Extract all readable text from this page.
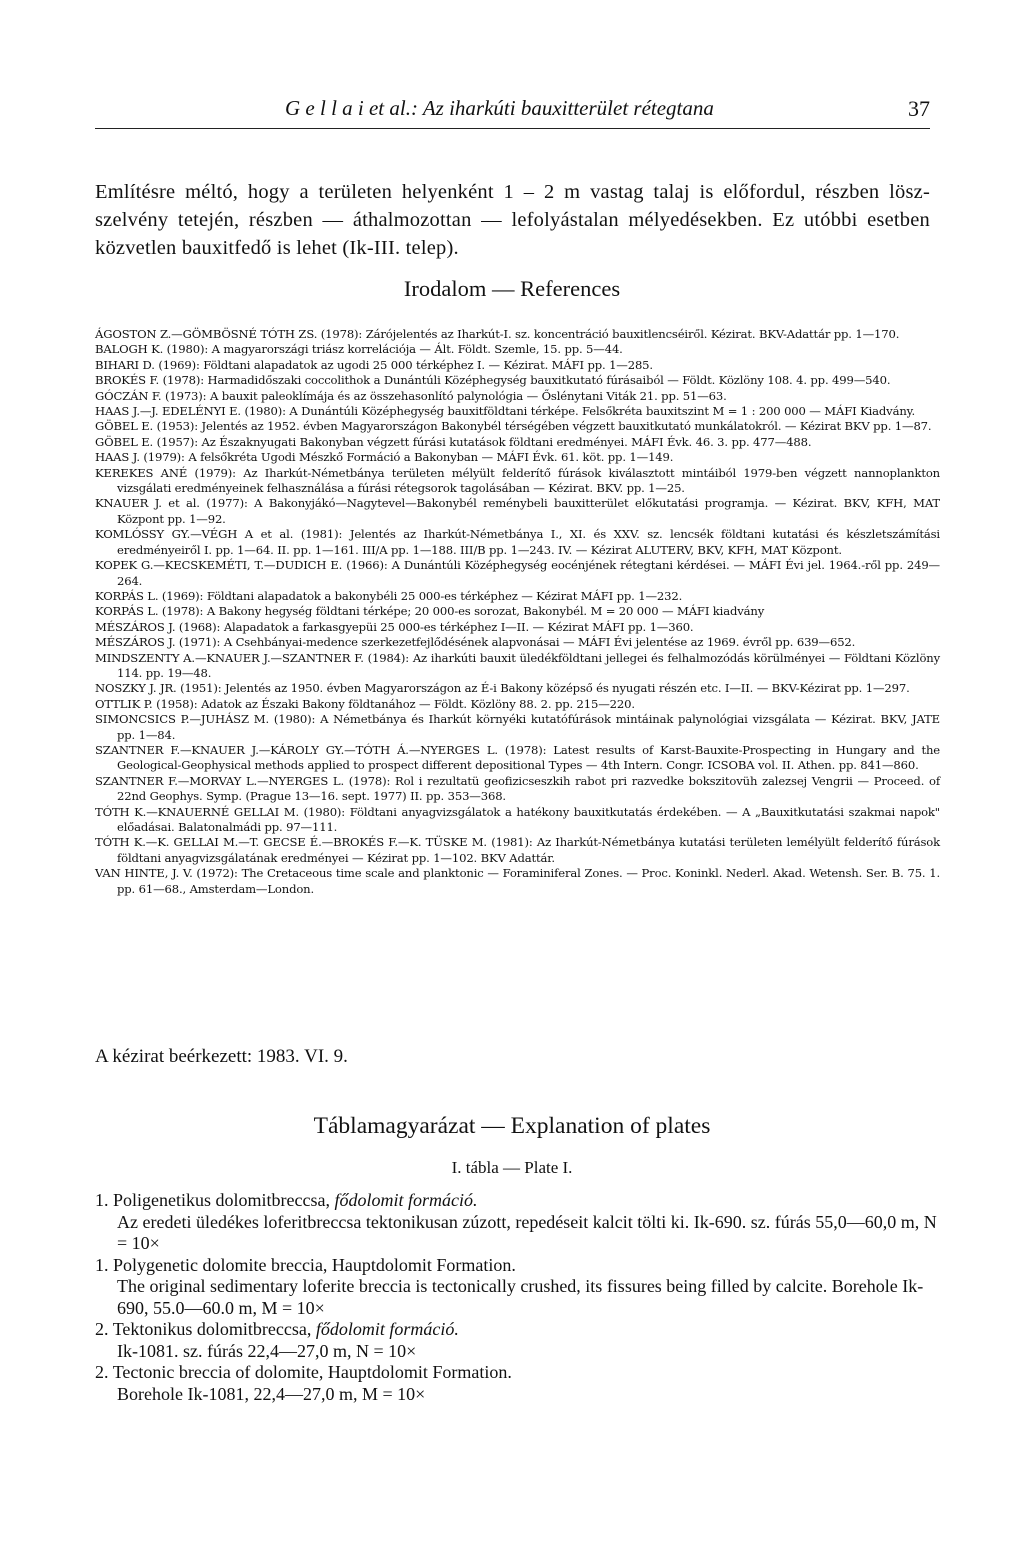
G e l l a i et al.: Az iharkúti bauxitterület rétegtana	37

Említésre méltó, hogy a területen helyenként 1 – 2 m vastag talaj is előfordul, részben lösz-szelvény tetején, részben — áthalmozottan — lefolyástalan mélyedésekben. Ez utóbbi esetben közvetlen bauxitfedő is lehet (Ik-III. telep).

Irodalom — References

ÁGOSTON Z.—GÖMBÖSNÉ TÓTH ZS. (1978): Zárójelentés az Iharkút-I. sz. koncentráció bauxitlencséiről. Kézirat. BKV-Adattár pp. 1—170.

BALOGH K. (1980): A magyarországi triász korrelációja — Ált. Földt. Szemle, 15. pp. 5—44.

BIHARI D. (1969): Földtani alapadatok az ugodi 25 000 térképhez I. — Kézirat. MÁFI pp. 1—285.

BROKÉS F. (1978): Harmadidőszaki coccolithok a Dunántúli Középhegység bauxitkutató fúrásaiból — Földt. Közlöny 108. 4. pp. 499—540.

GÓCZÁN F. (1973): A bauxit paleoklímája és az összehasonlító palynológia — Őslénytani Viták 21. pp. 51—63.

HAAS J.—J. EDELÉNYI E. (1980): A Dunántúli Középhegység bauxitföldtani térképe. Felsőkréta bauxitszint M = 1 : 200 000 — MÁFI Kiadvány.

GÖBEL E. (1953): Jelentés az 1952. évben Magyarországon Bakonybél térségében végzett bauxitkutató munkálatokról. — Kézirat BKV pp. 1—87.

GÖBEL E. (1957): Az Északnyugati Bakonyban végzett fúrási kutatások földtani eredményei. MÁFI Évk. 46. 3. pp. 477—488.

HAAS J. (1979): A felsőkréta Ugodi Mészkő Formáció a Bakonyban — MÁFI Évk. 61. köt. pp. 1—149.

KEREKES ANÉ (1979): Az Iharkút-Németbánya területen mélyült felderítő fúrások kiválasztott mintáiból 1979-ben végzett nannoplankton vizsgálati eredményeinek felhasználása a fúrási rétegsorok tagolásában — Kézirat. BKV. pp. 1—25.

KNAUER J. et al. (1977): A Bakonyjákó—Nagytevel—Bakonybél reménybeli bauxitterület előkutatási programja. — Kézirat. BKV, KFH, MAT Központ pp. 1—92.

KOMLÓSSY GY.—VÉGH A et al. (1981): Jelentés az Iharkút-Németbánya I., XI. és XXV. sz. lencsék földtani kutatási és készletszámítási eredményeiről I. pp. 1—64. II. pp. 1—161. III/A pp. 1—188. III/B pp. 1—243. IV. — Kézirat ALUTERV, BKV, KFH, MAT Központ.

KOPEK G.—KECSKEMÉTI, T.—DUDICH E. (1966): A Dunántúli Középhegység eocénjének rétegtani kérdései. — MÁFI Évi jel. 1964.-ről pp. 249—264.

KORPÁS L. (1969): Földtani alapadatok a bakonybéli 25 000-es térképhez — Kézirat MÁFI pp. 1—232.

KORPÁS L. (1978): A Bakony hegység földtani térképe; 20 000-es sorozat, Bakonybél. M = 20 000 — MÁFI kiadvány

MÉSZÁROS J. (1968): Alapadatok a farkasgyepüi 25 000-es térképhez I—II. — Kézirat MÁFI pp. 1—360.

MÉSZÁROS J. (1971): A Csehbányai-medence szerkezetfejlődésének alapvonásai — MÁFI Évi jelentése az 1969. évről pp. 639—652.

MINDSZENTY A.—KNAUER J.—SZANTNER F. (1984): Az iharkúti bauxit üledékföldtani jellegei és felhalmozódás körülményei — Földtani Közlöny 114. pp. 19—48.

NOSZKY J. JR. (1951): Jelentés az 1950. évben Magyarországon az É-i Bakony középső és nyugati részén etc. I—II. — BKV-Kézirat pp. 1—297.

OTTLIK P. (1958): Adatok az Északi Bakony földtanához — Földt. Közlöny 88. 2. pp. 215—220.

SIMONCSICS P.—JUHÁSZ M. (1980): A Németbánya és Iharkút környéki kutatófúrások mintáinak palynológiai vizsgálata — Kézirat. BKV, JATE pp. 1—84.

SZANTNER F.—KNAUER J.—KÁROLY GY.—TÓTH Á.—NYERGES L. (1978): Latest results of Karst-Bauxite-Prospecting in Hungary and the Geological-Geophysical methods applied to prospect different depositional Types — 4th Intern. Congr. ICSOBA vol. II. Athen. pp. 841—860.

SZANTNER F.—MORVAY L.—NYERGES L. (1978): Rol i rezultatü geofizicseszkih rabot pri razvedke bokszitovüh zalezsej Vengrii — Proceed. of 22nd Geophys. Symp. (Prague 13—16. sept. 1977) II. pp. 353—368.

TÓTH K.—KNAUERNÉ GELLAI M. (1980): Földtani anyagvizsgálatok a hatékony bauxitkutatás érdekében. — A „Bauxitkutatási szakmai napok" előadásai. Balatonalmádi pp. 97—111.

TÓTH K.—K. GELLAI M.—T. GECSE É.—BROKÉS F.—K. TÜSKE M. (1981): Az Iharkút-Németbánya kutatási területen lemélyült felderítő fúrások földtani anyagvizsgálatának eredményei — Kézirat pp. 1—102. BKV Adattár.

VAN HINTE, J. V. (1972): The Cretaceous time scale and planktonic — Foraminiferal Zones. — Proc. Koninkl. Nederl. Akad. Wetensh. Ser. B. 75. 1. pp. 61—68., Amsterdam—London.

A kézirat beérkezett: 1983. VI. 9.
Táblamagyarázat — Explanation of plates
I. tábla — Plate I.

1. Poligenetikus dolomitbreccsa, fődolomit formáció.

Az eredeti üledékes loferitbreccsa tektonikusan zúzott, repedéseit kalcit tölti ki. Ik-690. sz. fúrás 55,0—60,0 m, N = 10×

1. Polygenetic dolomite breccia, Hauptdolomit Formation.

The original sedimentary loferite breccia is tectonically crushed, its fissures being filled by calcite. Borehole Ik-690, 55.0—60.0 m, M = 10×

2. Tektonikus dolomitbreccsa, fődolomit formáció.

Ik-1081. sz. fúrás 22,4—27,0 m, N = 10×

2. Tectonic breccia of dolomite, Hauptdolomit Formation.

Borehole Ik-1081, 22,4—27,0 m, M = 10×
